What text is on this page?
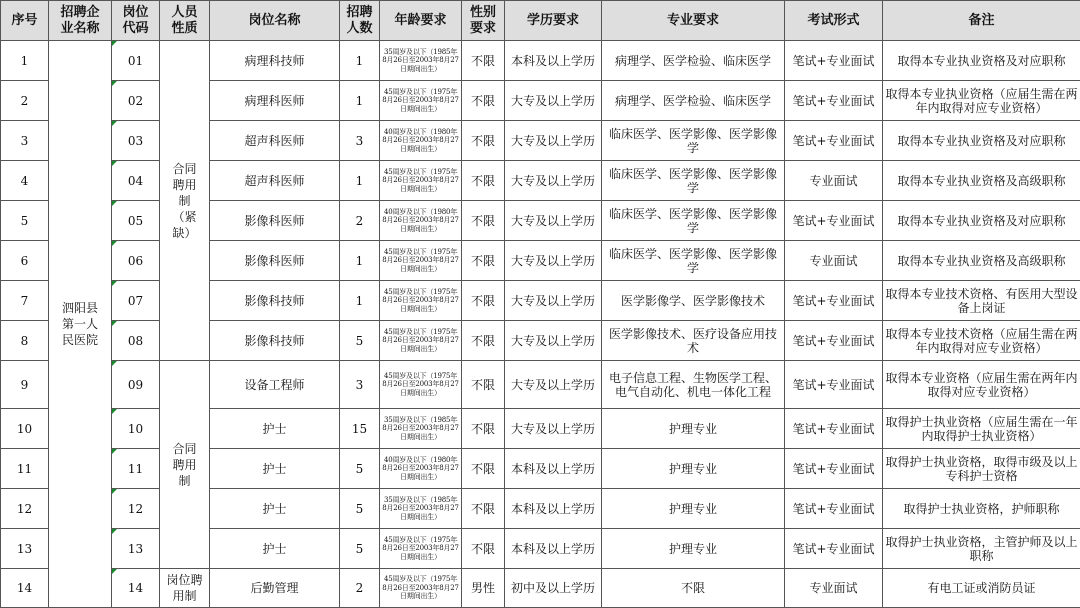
序号	招聘企业名称	岗位代码	人员性质	岗位名称	招聘人数	年龄要求	性别要求	学历要求	专业要求	考试形式	备注
1	泗阳县第一人民医院	01	合同聘用制（紧缺）	病理科技师	1	35周岁及以下（1985年8月26日至2003年8月27日期间出生）	不限	本科及以上学历	病理学、医学检验、临床医学	笔试+专业面试	取得本专业执业资格及对应职称
2		02		病理科医师	1	45周岁及以下（1975年8月26日至2003年8月27日期间出生）	不限	大专及以上学历	病理学、医学检验、临床医学	笔试+专业面试	取得本专业执业资格（应届生需在两年内取得对应专业资格）
3		03		超声科医师	3	40周岁及以下（1980年8月26日至2003年8月27日期间出生）	不限	大专及以上学历	临床医学、医学影像、医学影像学	笔试+专业面试	取得本专业执业资格及对应职称
4		04		超声科医师	1	45周岁及以下（1975年8月26日至2003年8月27日期间出生）	不限	大专及以上学历	临床医学、医学影像、医学影像学	专业面试	取得本专业执业资格及高级职称
5		05		影像科医师	2	40周岁及以下（1980年8月26日至2003年8月27日期间出生）	不限	大专及以上学历	临床医学、医学影像、医学影像学	笔试+专业面试	取得本专业执业资格及对应职称
6		06		影像科医师	1	45周岁及以下（1975年8月26日至2003年8月27日期间出生）	不限	大专及以上学历	临床医学、医学影像、医学影像学	专业面试	取得本专业执业资格及高级职称
7		07		影像科技师	1	45周岁及以下（1975年8月26日至2003年8月27日期间出生）	不限	大专及以上学历	医学影像学、医学影像技术	笔试+专业面试	取得本专业技术资格、有医用大型设备上岗证
8		08		影像科技师	5	45周岁及以下（1975年8月26日至2003年8月27日期间出生）	不限	大专及以上学历	医学影像技术、医疗设备应用技术	笔试+专业面试	取得本专业技术资格（应届生需在两年内取得对应专业资格）
9		09	合同聘用制	设备工程师	3	45周岁及以下（1975年8月26日至2003年8月27日期间出生）	不限	大专及以上学历	电子信息工程、生物医学工程、电气自动化、机电一体化工程	笔试+专业面试	取得本专业资格（应届生需在两年内取得对应专业资格）
10		10		护士	15	35周岁及以下（1985年8月26日至2003年8月27日期间出生）	不限	大专及以上学历	护理专业	笔试+专业面试	取得护士执业资格（应届生需在一年内取得护士执业资格）
11		11		护士	5	40周岁及以下（1980年8月26日至2003年8月27日期间出生）	不限	本科及以上学历	护理专业	笔试+专业面试	取得护士执业资格，取得市级及以上专科护士资格
12		12		护士	5	35周岁及以下（1985年8月26日至2003年8月27日期间出生）	不限	本科及以上学历	护理专业	笔试+专业面试	取得护士执业资格，护师职称
13		13		护士	5	45周岁及以下（1975年8月26日至2003年8月27日期间出生）	不限	本科及以上学历	护理专业	笔试+专业面试	取得护士执业资格，主管护师及以上职称
14		14	岗位聘用制	后勤管理	2	45周岁及以下（1975年8月26日至2003年8月27日期间出生）	男性	初中及以上学历	不限	专业面试	有电工证或消防员证
